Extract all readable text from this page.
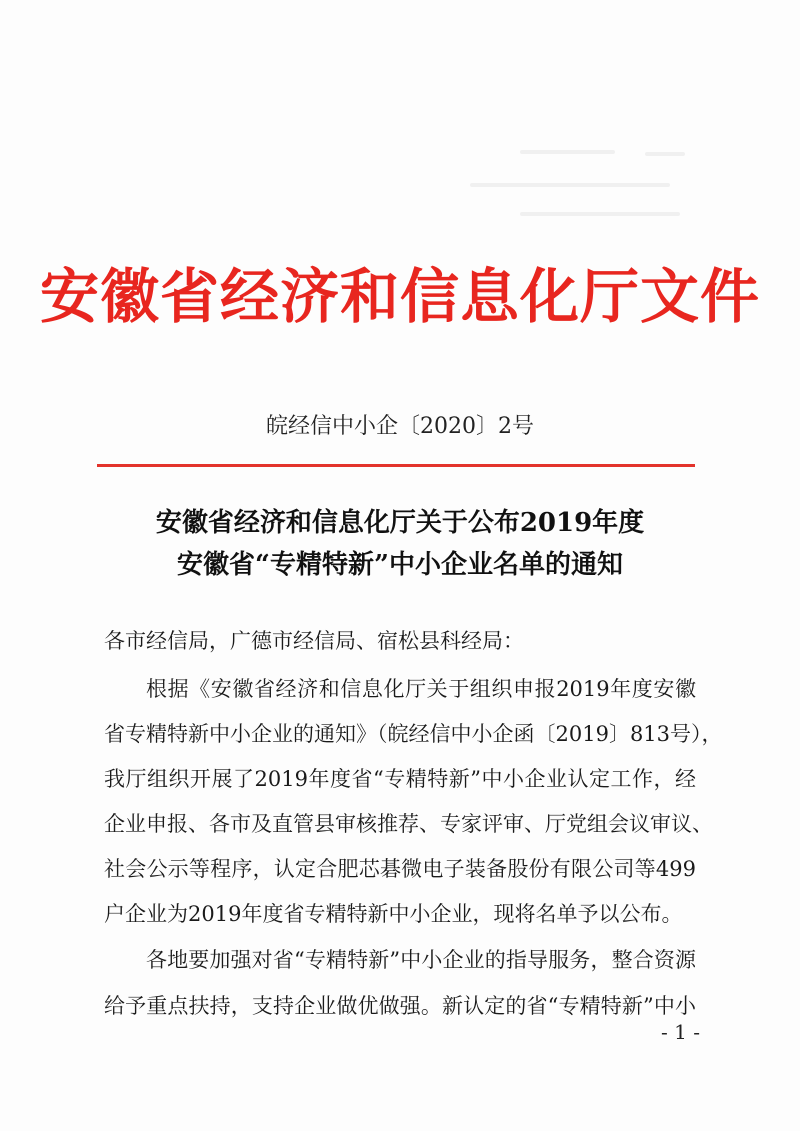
安徽省经济和信息化厅文件
皖经信中小企〔2020〕2号
安徽省经济和信息化厅关于公布2019年度
安徽省“专精特新”中小企业名单的通知
各市经信局，广德市经信局、宿松县科经局：
根据《安徽省经济和信息化厅关于组织申报2019年度安徽
省专精特新中小企业的通知》（皖经信中小企函〔2019〕813号），
我厅组织开展了2019年度省“专精特新”中小企业认定工作，经
企业申报、各市及直管县审核推荐、专家评审、厅党组会议审议、
社会公示等程序，认定合肥芯碁微电子装备股份有限公司等499
户企业为2019年度省专精特新中小企业，现将名单予以公布。
各地要加强对省“专精特新”中小企业的指导服务，整合资源
给予重点扶持，支持企业做优做强。新认定的省“专精特新”中小
- 1 -
